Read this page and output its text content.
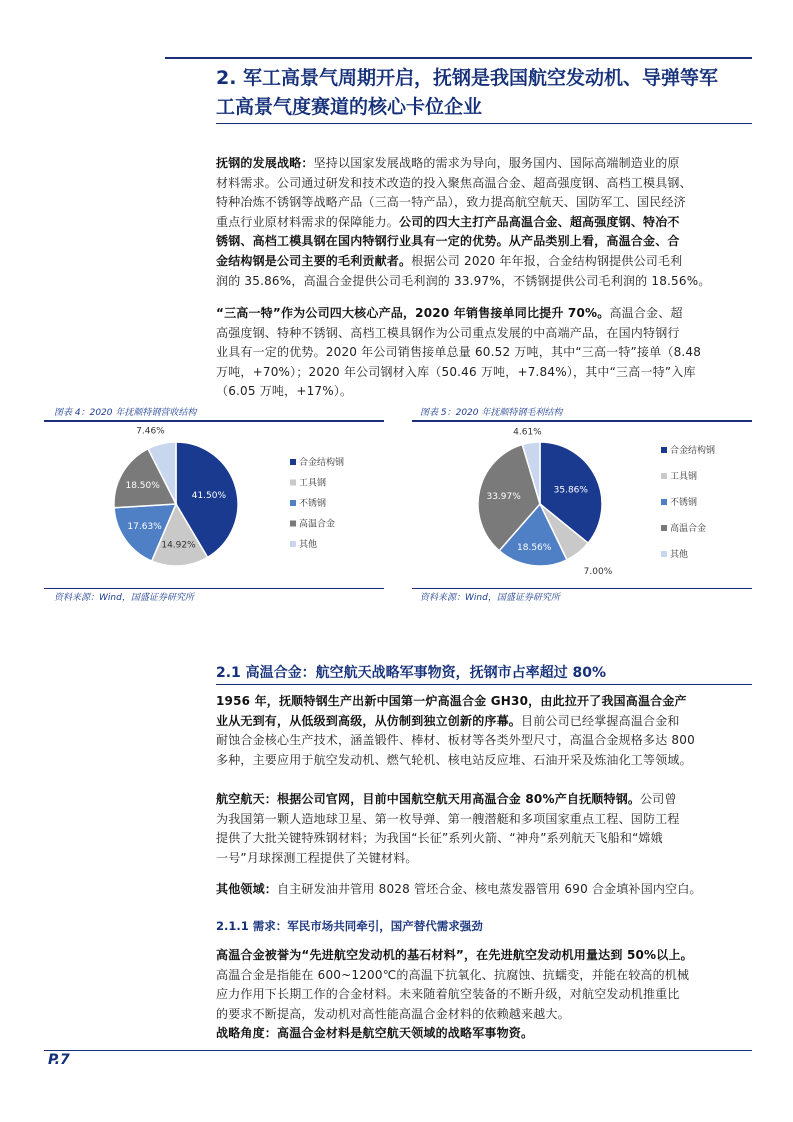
2. 军工高景气周期开启，抚钢是我国航空发动机、导弹等军
工高景气度赛道的核心卡位企业
抚钢的发展战略：坚持以国家发展战略的需求为导向，服务国内、国际高端制造业的原
材料需求。公司通过研发和技术改造的投入聚焦高温合金、超高强度钢、高档工模具钢、
特种冶炼不锈钢等战略产品（三高一特产品），致力提高航空航天、国防军工、国民经济
重点行业原材料需求的保障能力。公司的四大主打产品高温合金、超高强度钢、特冶不
锈钢、高档工模具钢在国内特钢行业具有一定的优势。从产品类别上看，高温合金、合
金结构钢是公司主要的毛利贡献者。根据公司 2020 年年报，合金结构钢提供公司毛利
润的 35.86%，高温合金提供公司毛利润的 33.97%，不锈钢提供公司毛利润的 18.56%。
“三高一特”作为公司四大核心产品，2020 年销售接单同比提升 70%。高温合金、超
高强度钢、特种不锈钢、高档工模具钢作为公司重点发展的中高端产品，在国内特钢行
业具有一定的优势。2020 年公司销售接单总量 60.52 万吨，其中“三高一特”接单（8.48
万吨，+70%）；2020 年公司钢材入库（50.46 万吨，+7.84%），其中“三高一特”入库
（6.05 万吨，+17%）。
图表 4：2020 年抚顺特钢营收结构
41.50%
14.92%
17.63%
18.50%
7.46%
合金结构钢
工具钢
不锈钢
高温合金
其他
资料来源：Wind，国盛证券研究所
图表 5：2020 年抚顺特钢毛利结构
35.86%
7.00%
18.56%
33.97%
4.61%
合金结构钢
工具钢
不锈钢
高温合金
其他
资料来源：Wind，国盛证券研究所
2.1 高温合金：航空航天战略军事物资，抚钢市占率超过 80%
1956 年，抚顺特钢生产出新中国第一炉高温合金 GH30，由此拉开了我国高温合金产
业从无到有，从低级到高级，从仿制到独立创新的序幕。目前公司已经掌握高温合金和
耐蚀合金核心生产技术，涵盖锻件、棒材、板材等各类外型尺寸，高温合金规格多达 800
多种，主要应用于航空发动机、燃气轮机、核电站反应堆、石油开采及炼油化工等领域。
航空航天：根据公司官网，目前中国航空航天用高温合金 80%产自抚顺特钢。公司曾
为我国第一颗人造地球卫星、第一枚导弹、第一艘潜艇和多项国家重点工程、国防工程
提供了大批关键特殊钢材料；为我国“长征”系列火箭、“神舟”系列航天飞船和“嫦娥
一号”月球探测工程提供了关键材料。
其他领域：自主研发油井管用 8028 管坯合金、核电蒸发器管用 690 合金填补国内空白。
2.1.1 需求：军民市场共同牵引，国产替代需求强劲
高温合金被誉为“先进航空发动机的基石材料”，在先进航空发动机用量达到 50%以上。
高温合金是指能在 600~1200℃的高温下抗氧化、抗腐蚀、抗蠕变，并能在较高的机械
应力作用下长期工作的合金材料。未来随着航空装备的不断升级，对航空发动机推重比
的要求不断提高，发动机对高性能高温合金材料的依赖越来越大。
战略角度：高温合金材料是航空航天领域的战略军事物资。
P.7
